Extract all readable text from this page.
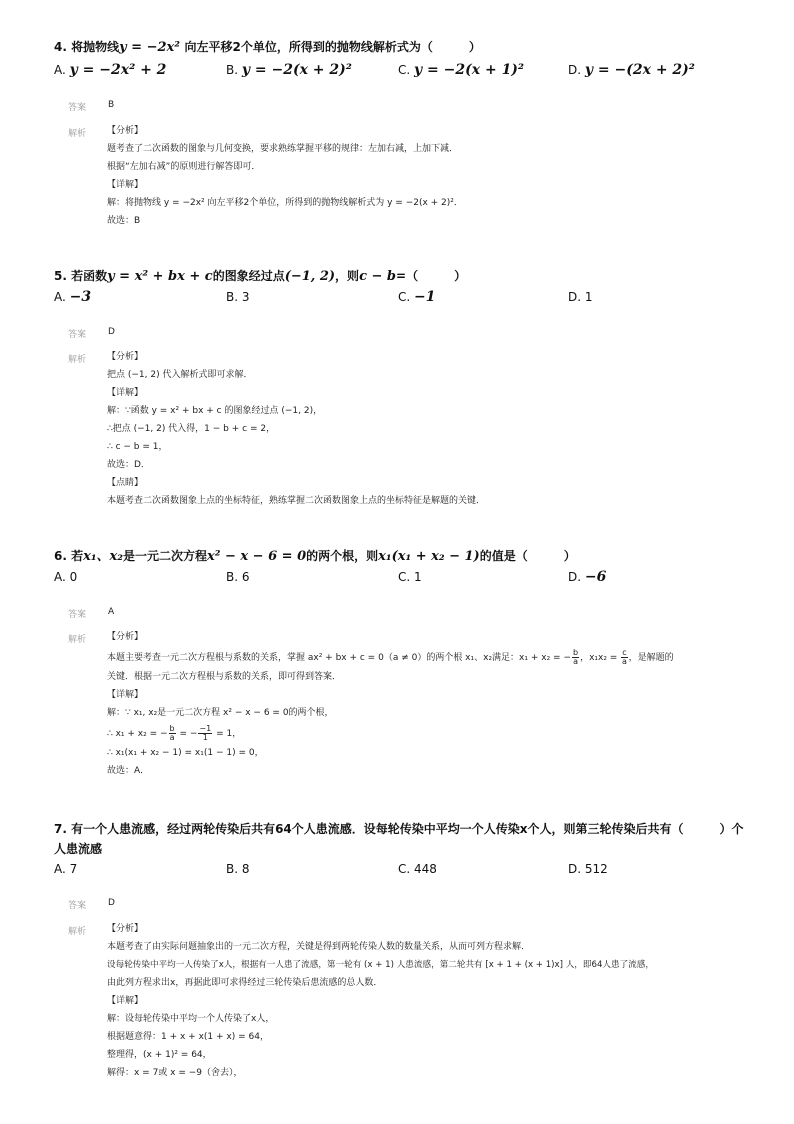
4. 将抛物线y = −2x² 向左平移2个单位，所得到的抛物线解析式为（　　　）
A. y = −2x² + 2	B. y = −2(x + 2)²	C. y = −2(x + 1)²	D. y = −(2x + 2)²
答案 B
解析 【分析】
题考查了二次函数的图象与几何变换，要求熟练掌握平移的规律：左加右减，上加下减．
根据“左加右减”的原则进行解答即可．
【详解】
解：将抛物线 y = −2x² 向左平移2个单位，所得到的抛物线解析式为 y = −2(x + 2)²．
故选：B
5. 若函数y = x² + bx + c的图象经过点(−1, 2)，则c − b=（　　　）
A. −3	B. 3	C. −1	D. 1
答案 D
解析 【分析】
把点 (−1, 2) 代入解析式即可求解．
【详解】
解：∵函数 y = x² + bx + c 的图象经过点 (−1, 2)，
∴把点 (−1, 2) 代入得，1 − b + c = 2，
∴ c − b = 1，
故选：D．
【点睛】
本题考查二次函数图象上点的坐标特征，熟练掌握二次函数图象上点的坐标特征是解题的关键．
6. 若x₁、x₂是一元二次方程x² − x − 6 = 0的两个根，则x₁(x₁ + x₂ − 1)的值是（　　　）
A. 0	B. 6	C. 1	D. −6
答案 A
解析 【分析】
本题主要考查一元二次方程根与系数的关系，掌握 ax² + bx + c = 0（a ≠ 0）的两个根 x₁、x₂满足：x₁ + x₂ = − $\frac{b}{a}$ ，$x_1x_2 = \frac{c}{a}$ ，是解题的
关键．根据一元二次方程根与系数的关系，即可得到答案．
【详解】
解：∵ x₁, x₂是一元二次方程 x² − x − 6 = 0的两个根，
∴ x₁ + x₂ = − $\frac{b}{a}$ = − $\frac{-1}{1} = 1$，
∴ x₁(x₁ + x₂ − 1) = x₁(1 − 1) = 0，
故选：A．
7. 有一个人患流感，经过两轮传染后共有64个人患流感．设每轮传染中平均一个人传染x个人，则第三轮传染后共有（　　　）个
人患流感
A. 7	B. 8	C. 448	D. 512
答案 D
解析 【分析】
本题考查了由实际问题抽象出的一元二次方程，关键是得到两轮传染人数的数量关系，从而可列方程求解．
设每轮传染中平均一人传染了x人，根据有一人患了流感，第一轮有 (x + 1) 人患流感，第二轮共有 [x + 1 + (x + 1)x] 人，即64人患了流感，
由此列方程求出x，再据此即可求得经过三轮传染后患流感的总人数．
【详解】
解：设每轮传染中平均一个人传染了x人，
根据题意得：1 + x + x(1 + x) = 64，
整理得，(x + 1)² = 64，
解得：x = 7或 x = −9（舍去），
